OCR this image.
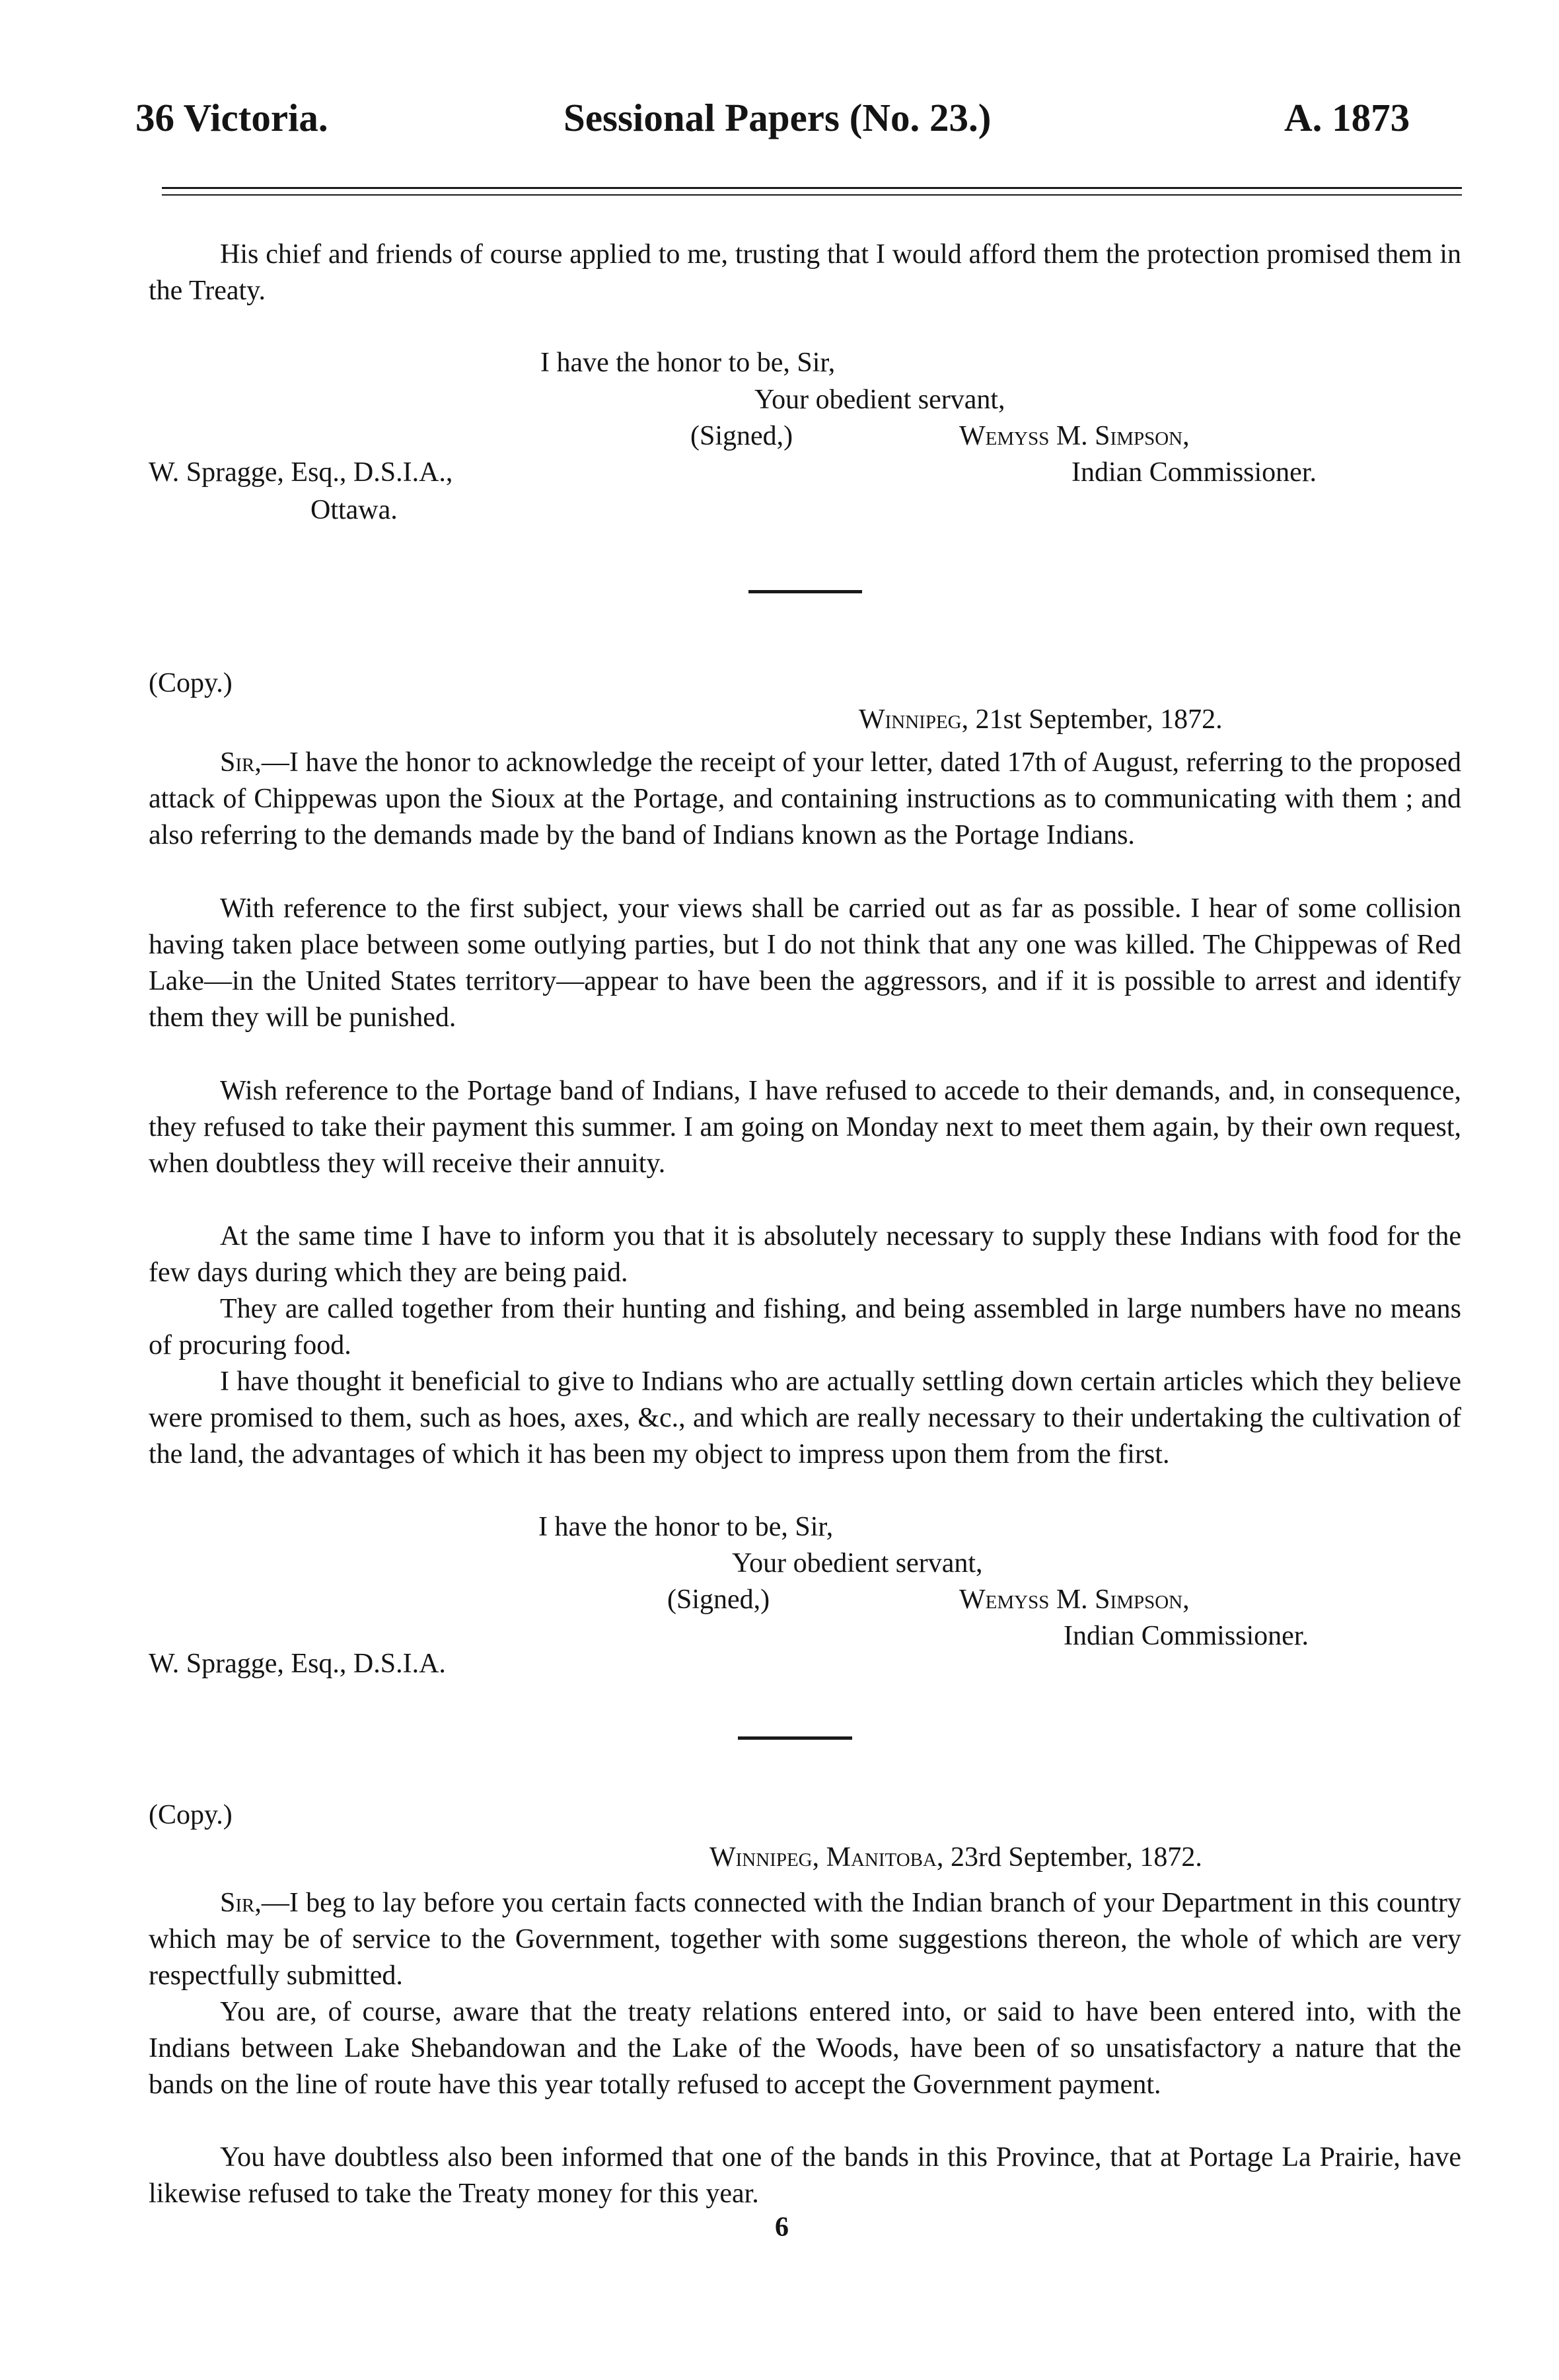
36 Victoria.	Sessional Papers (No. 23.)	A. 1873

His chief and friends of course applied to me, trusting that I would afford them the protection promised them in the Treaty.

I have the honor to be, Sir,
Your obedient servant,
(Signed,)	Wemyss M. Simpson,
Indian Commissioner.
W. Spragge, Esq., D.S.I.A.,
Ottawa.
(Copy.)
Winnipeg, 21st September, 1872.

Sir,—I have the honor to acknowledge the receipt of your letter, dated 17th of August, referring to the proposed attack of Chippewas upon the Sioux at the Portage, and containing instructions as to communicating with them ; and also referring to the demands made by the band of Indians known as the Portage Indians.

With reference to the first subject, your views shall be carried out as far as possible. I hear of some collision having taken place between some outlying parties, but I do not think that any one was killed. The Chippewas of Red Lake—in the United States territory—appear to have been the aggressors, and if it is possible to arrest and identify them they will be punished.

Wish reference to the Portage band of Indians, I have refused to accede to their demands, and, in consequence, they refused to take their payment this summer. I am going on Monday next to meet them again, by their own request, when doubtless they will receive their annuity.

At the same time I have to inform you that it is absolutely necessary to supply these Indians with food for the few days during which they are being paid.

They are called together from their hunting and fishing, and being assembled in large numbers have no means of procuring food.

I have thought it beneficial to give to Indians who are actually settling down certain articles which they believe were promised to them, such as hoes, axes, &c., and which are really necessary to their undertaking the cultivation of the land, the advantages of which it has been my object to impress upon them from the first.

I have the honor to be, Sir,
Your obedient servant,
(Signed,)	Wemyss M. Simpson,
Indian Commissioner.
W. Spragge, Esq., D.S.I.A.
(Copy.)
Winnipeg, Manitoba, 23rd September, 1872.

Sir,—I beg to lay before you certain facts connected with the Indian branch of your Department in this country which may be of service to the Government, together with some suggestions thereon, the whole of which are very respectfully submitted.

You are, of course, aware that the treaty relations entered into, or said to have been entered into, with the Indians between Lake Shebandowan and the Lake of the Woods, have been of so unsatisfactory a nature that the bands on the line of route have this year totally refused to accept the Government payment.

You have doubtless also been informed that one of the bands in this Province, that at Portage La Prairie, have likewise refused to take the Treaty money for this year.

6
